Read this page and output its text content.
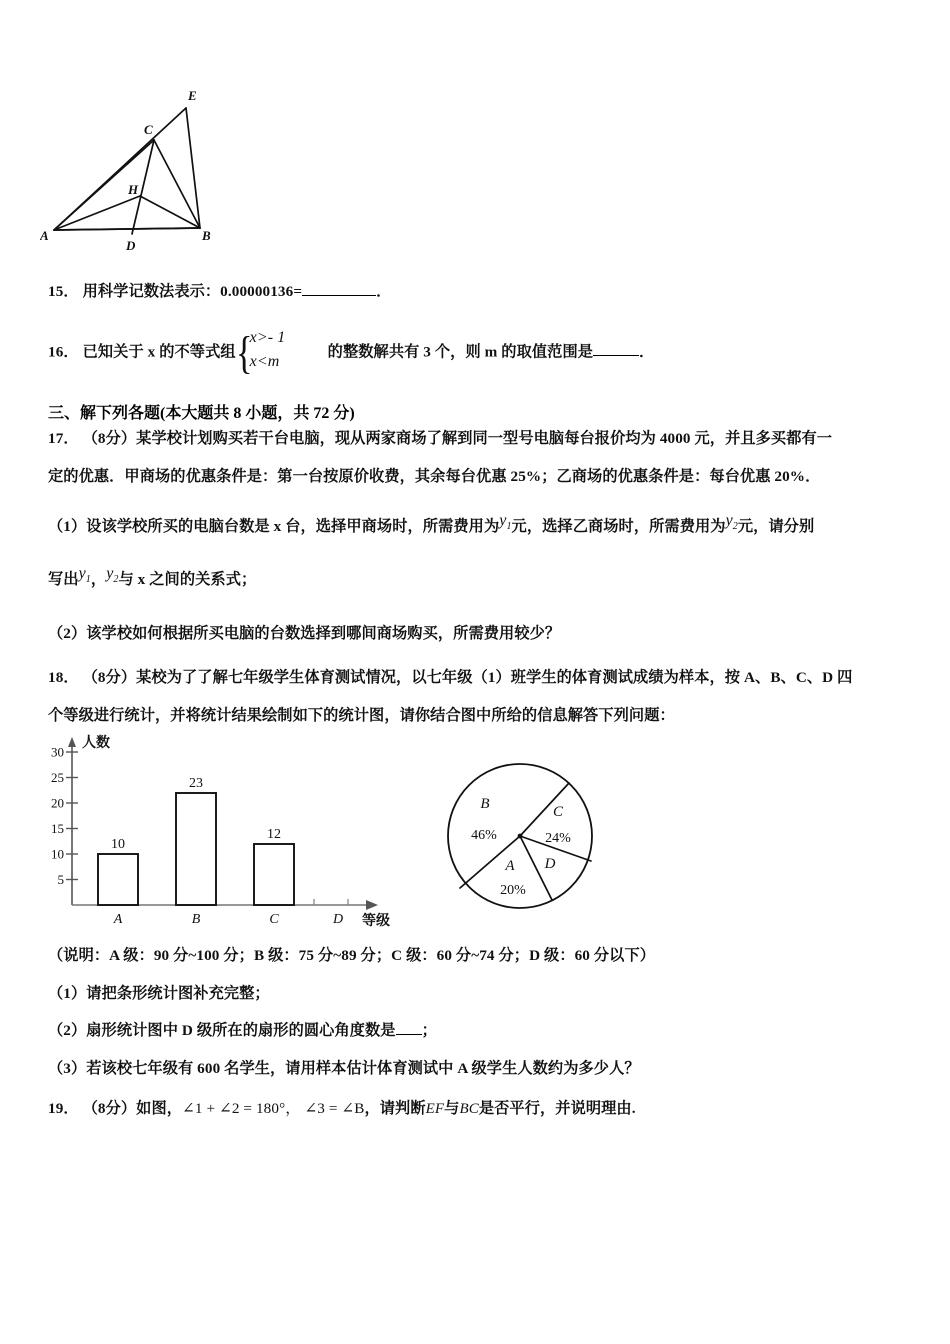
E
C
H
A
D
B
15． 用科学记数法表示：0.00000136=	．
16． 已知关于 x 的不等式组 {
x>- 1
x<m
的整数解共有 3 个，则 m 的取值范围是	．
三、解下列各题(本大题共 8 小题，共 72 分)
17． （8分）某学校计划购买若干台电脑，现从两家商场了解到同一型号电脑每台报价均为 4000 元，并且多买都有一
定的优惠．甲商场的优惠条件是：第一台按原价收费，其余每台优惠 25%；乙商场的优惠条件是：每台优惠 20%．
（1）设该学校所买的电脑台数是 x 台，选择甲商场时，所需费用为$y_1$元，选择乙商场时，所需费用为$y_2$元，请分别
写出$y_1$，$y_2$与 x 之间的关系式；
（2）该学校如何根据所买电脑的台数选择到哪间商场购买，所需费用较少？
18． （8分）某校为了了解七年级学生体育测试情况，以七年级（1）班学生的体育测试成绩为样本，按 A、B、C、D 四
个等级进行统计，并将统计结果绘制如下的统计图，请你结合图中所给的信息解答下列问题：
5
10
15
20
25
30
人数
10
23
12
A	B	C	D 等级
B	C
A D
46%	24%
20%
（说明：A 级：90 分~100 分；B 级：75 分~89 分；C 级：60 分~74 分；D 级：60 分以下）
（1）请把条形统计图补充完整；
（2）扇形统计图中 D 级所在的扇形的圆心角度数是 ；
（3）若该校七年级有 600 名学生，请用样本估计体育测试中 A 级学生人数约为多少人？
19． （8分）如图，∠1 + ∠2 = 180°， ∠3 = ∠B，请判断EF与BC是否平行，并说明理由.
